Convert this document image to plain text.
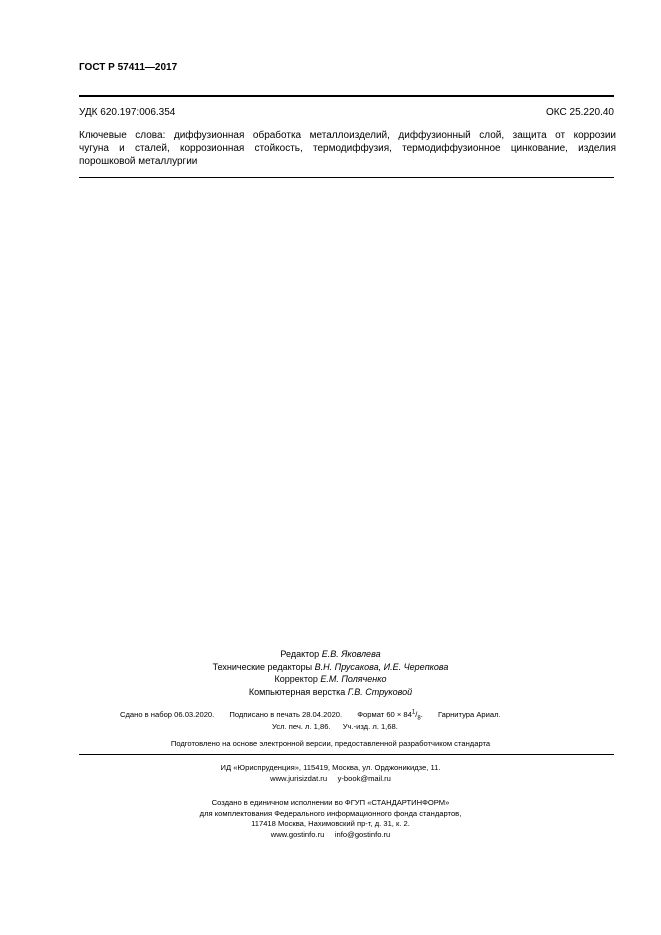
ГОСТ Р 57411—2017
УДК 620.197:006.354	ОКС 25.220.40
Ключевые слова: диффузионная обработка металлоизделий, диффузионный слой, защита от коррозии
чугуна и сталей, коррозионная стойкость, термодиффузия, термодиффузионное цинкование, изделия
порошковой металлургии
Редактор Е.В. Яковлева
Технические редакторы В.Н. Прусакова, И.Е. Черепкова
Корректор Е.М. Поляченко
Компьютерная верстка Г.В. Струковой
Сдано в набор 06.03.2020. Подписано в печать 28.04.2020. Формат $60 \times 84^1/_8$. Гарнитура Ариал.
Усл. печ. л. 1,86. Уч.-изд. л. 1,68.
Подготовлено на основе электронной версии, предоставленной разработчиком стандарта
ИД «Юриспруденция», 115419, Москва, ул. Орджоникидзе, 11.
www.jurisizdat.ru     y-book@mail.ru
Создано в единичном исполнении во ФГУП «СТАНДАРТИНФОРМ»
для комплектования Федерального информационного фонда стандартов,
117418 Москва, Нахимовский пр-т, д. 31, к. 2.
www.gostinfo.ru     info@gostinfo.ru
